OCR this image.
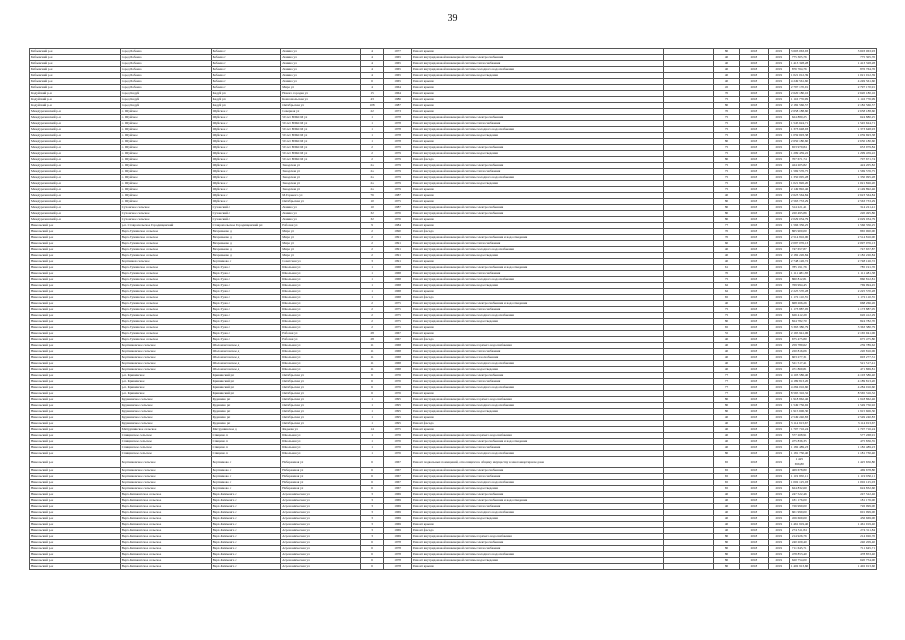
39
Бабаевский р-н	город Бабаево	Бабаево г	Ленина ул	4	1977	Ремонт крыши		80	2018	2019	3 603 063,93	3 603 063,93
Бабаевский р-н	город Бабаево	Бабаево г	Ленина ул	4	1965	Ремонт внутридомовой инженерной системы электроснабжения		40	2018	2019	775 305,76	775 305,76
Бабаевский р-н	город Бабаево	Бабаево г	Ленина ул	4	1965	Ремонт внутридомовой инженерной системы теплоснабжения		40	2018	2019	1 413 328,28	1 413 328,28
Бабаевский р-н	город Бабаево	Бабаево г	Ленина ул	4	1965	Ремонт внутридомовой инженерной системы холодного водоснабжения		40	2018	2019	876 764,76	876 764,76
Бабаевский р-н	город Бабаево	Бабаево г	Ленина ул	4	1965	Ремонт внутридомовой инженерной системы водоотведения		40	2018	2019	1 021 012,39	1 021 012,39
Бабаевский р-н	город Бабаево	Бабаево г	Ленина ул	6	1965	Ремонт крыши		40	2018	2019	4 249 561,60	4 249 561,60
Бабаевский р-н	город Бабаево	Бабаево г	Мира ул	4	1964	Ремонт крыши		45	2018	2019	2 797 170,91	2 797 170,91
Кадуйский р-н	город Кадуй	Кадуй рп	Нового городка ул	15	1964	Ремонт крыши		70	2018	2019	2 620 180,16	2 620 180,16
Кадуйский р-н	город Кадуй	Кадуй рп	Комсомольская ул	43	1986	Ремонт крыши		75	2018	2019	1 116 776,99	1 116 776,99
Кадуйский р-н	город Кадуй	Кадуй рп	Октябрьская ул	108	1987	Ремонт крыши		80	2018	2019	2 182 566,57	2 182 566,57
Междуреченский р-н	с. Шуйское	Шуйское с	Северная ул	22	1973	Ремонт крыши		70	2018	2019	2 658 188,60	2 658 188,60
Междуреченский р-н	с. Шуйское	Шуйское с	50 лет ВЛКСМ ул	1	1978	Ремонт внутридомовой инженерной системы электроснабжения		75	2018	2019	624 880,25	624 880,25
Междуреченский р-н	с. Шуйское	Шуйское с	50 лет ВЛКСМ ул	1	1978	Ремонт внутридомовой инженерной системы теплоснабжения		75	2018	2019	1 545 624,71	1 545 624,71
Междуреченский р-н	с. Шуйское	Шуйское с	50 лет ВЛКСМ ул	1	1978	Ремонт внутридомовой инженерной системы холодного водоснабжения		75	2018	2019	1 373 648,93	1 373 648,93
Междуреченский р-н	с. Шуйское	Шуйское с	50 лет ВЛКСМ ул	1	1978	Ремонт внутридомовой инженерной системы водоотведения		75	2018	2019	1 059 693,38	1 059 693,38
Междуреченский р-н	с. Шуйское	Шуйское с	50 лет ВЛКСМ ул	1	1978	Ремонт крыши		80	2018	2019	2 650 180,60	2 650 180,60
Междуреченский р-н	с. Шуйское	Шуйское с	50 лет ВЛКСМ ул	2	1979	Ремонт внутридомовой инженерной системы электроснабжения		75	2018	2019	653 979,84	653 979,84
Междуреченский р-н	с. Шуйское	Шуйское с	50 лет ВЛКСМ ул	2	1979	Ремонт внутридомовой инженерной системы водоотведения		75	2018	2019	1 299 459,22	1 299 459,22
Междуреченский р-н	с. Шуйское	Шуйское с	50 лет ВЛКСМ ул	2	1979	Ремонт фасада		80	2018	2019	707 671,74	707 671,74
Междуреченский р-н	с. Шуйское	Шуйское с	Заводская ул	2а	1979	Ремонт внутридомовой инженерной системы электроснабжения		75	2018	2019	424 205,82	424 205,82
Междуреченский р-н	с. Шуйское	Шуйское с	Заводская ул	2а	1979	Ремонт внутридомовой инженерной системы теплоснабжения		75	2018	2019	1 569 576,75	1 569 576,75
Междуреченский р-н	с. Шуйское	Шуйское с	Заводская ул	2а	1979	Ремонт внутридомовой инженерной системы холодного водоснабжения		75	2018	2019	1 350 095,28	1 350 095,28
Междуреченский р-н	с. Шуйское	Шуйское с	Заводская ул	2а	1979	Ремонт внутридомовой инженерной системы водоотведения		75	2018	2019	1 021 826,20	1 021 826,20
Междуреченский р-н	с. Шуйское	Шуйское с	Заводская ул	2а	1979	Ремонт крыши		75	2018	2019	2 149 892,46	2 149 892,46
Междуреченский р-н	с. Шуйское	Шуйское с	М.Горького ул	76	1987	Ремонт крыши		40	2018	2019	2 623 564,84	2 623 564,84
Междуреченский р-н	с. Шуйское	Шуйское с	Октябрьская ул	10	1975	Ремонт крыши		80	2018	2019	2 563 733,29	2 563 733,29
Междуреченский р-н	Сухонское сельское	Сухонский с	Ленина ул	10	1987	Ремонт внутридомовой инженерной системы электроснабжения		80	2018	2019	314 221,41	314 221,41
Междуреченский р-н	Сухонское сельское	Сухонский с	Ленина ул	32	1976	Ремонт внутридомовой инженерной системы электроснабжения		80	2018	2019	220 495,86	220 495,86
Междуреченский р-н	Сухонское сельское	Сухонский с	Ленина ул	32	1976	Ремонт крыши		80	2018	2019	2 029 034,79	2 029 034,79
Никольский р-н	р.п. Ставропольское Городищенский	Ставропольское Городищенский рп	Рабочая ул	9	1984	Ремонт крыши		77	2018	2019	1 566 356,25	1 566 356,25
Никольский р-н	Верх-Тужинское сельское	Вахрамеево д	Мира ул	2	1990	Ремонт фасада		70	2018	2019	865 900,00	865 900,00
Никольский р-н	Верх-Тужинское сельское	Вахрамеево д	Мира ул	2	1991	Ремонт внутридомовой инженерной системы электроснабжения и водоотведения		70	2018	2019	2 514 816,00	2 514 816,00
Никольский р-н	Верх-Тужинское сельское	Вахрамеево д	Мира ул	2	1991	Ремонт внутридомовой инженерной системы теплоснабжения		60	2018	2019	2 097 076,13	2 097 076,13
Никольский р-н	Верх-Тужинское сельское	Вахрамеево д	Мира ул	2	1991	Ремонт внутридомовой инженерной системы холодного водоснабжения		40	2018	2019	747 657,87	747 657,87
Никольский р-н	Верх-Тужинское сельское	Вахрамеево д	Мира ул	2	1991	Ремонт внутридомовой инженерной системы водоотведения		40	2018	2019	2 182 226,84	2 182 226,84
Никольский р-н	Бортников сельское	Бортниково с	Советская ул	3	1991	Ремонт крыши		40	2018	2019	2 748 126,72	2 748 126,72
Никольский р-н	Верх-Тужинское сельское	Верх-Тужа с	Школьная ул	1	1968	Ремонт внутридомовой инженерной системы электроснабжения и водоотведения		61	2018	2019	785 191,76	785 191,76
Никольский р-н	Верх-Тужинское сельское	Верх-Тужа с	Школьная ул	1	1968	Ремонт внутридомовой инженерной системы теплоснабжения		70	2018	2019	1 111 481,38	1 111 481,38
Никольский р-н	Верх-Тужинское сельское	Верх-Тужа с	Школьная ул	1	1968	Ремонт внутридомовой инженерной системы холодного водоснабжения		75	2018	2019	860 812,81	860 812,81
Никольский р-н	Верх-Тужинское сельское	Верх-Тужа с	Школьная ул	1	1968	Ремонт внутридомовой инженерной системы водоотведения		62	2018	2019	769 994,45	769 994,45
Никольский р-н	Верх-Тужинское сельское	Верх-Тужа с	Школьная ул	1	1968	Ремонт крыши		62	2018	2019	2 225 570,28	2 225 570,28
Никольский р-н	Верх-Тужинское сельское	Верх-Тужа с	Школьная ул	1	1968	Ремонт фасада		65	2018	2019	1 172 110,55	1 172 110,55
Никольский р-н	Верх-Тужинское сельское	Верх-Тужа с	Школьная ул	2	1975	Ремонт внутридомовой инженерной системы электроснабжения и водоотведения		40	2018	2019	668 266,26	668 266,26
Никольский р-н	Верх-Тужинское сельское	Верх-Тужа с	Школьная ул	2	1975	Ремонт внутридомовой инженерной системы теплоснабжения		75	2018	2019	1 173 887,05	1 173 887,05
Никольский р-н	Верх-Тужинское сельское	Верх-Тужа с	Школьная ул	2	1975	Ремонт внутридомовой инженерной системы холодного водоснабжения		75	2018	2019	626 412,29	626 412,29
Никольский р-н	Верх-Тужинское сельское	Верх-Тужа с	Школьная ул	2	1975	Ремонт внутридомовой инженерной системы водоотведения		80	2018	2019	824 782,70	824 782,70
Никольский р-н	Верх-Тужинское сельское	Верх-Тужа с	Школьная ул	2	1975	Ремонт крыши		65	2018	2019	3 363 380,79	3 363 380,79
Никольский р-н	Верх-Тужинское сельское	Верх-Тужа с	Рабочая ул	28	1967	Ремонт крыши		55	2018	2019	2 165 941,06	2 165 941,06
Никольский р-н	Верх-Тужинское сельское	Верх-Тужа с	Рабочая ул	28	1967	Ремонт фасада		40	2018	2019	675 475,80	675 475,80
Никольский р-н	Бортниковское сельское	Шоломонтовское д	Школьная ул	11	1968	Ремонт внутридомовой инженерной системы горячего водоснабжения		40	2018	2019	259 789,62	259 789,62
Никольский р-н	Бортниковское сельское	Шоломонтовское д	Школьная ул	11	1968	Ремонт внутридомовой инженерной системы теплоснабжения		40	2018	2019	220 816,06	220 816,06
Никольский р-н	Бортниковское сельское	Шоломонтовское д	Школьная ул	11	1968	Ремонт внутридомовой инженерной системы газоснабжения		40	2018	2019	603 277,31	603 277,31
Никольский р-н	Бортниковское сельское	Шоломонтовское д	Школьная ул	11	1968	Ремонт внутридомовой инженерной системы холодного водоснабжения		40	2018	2019	521 517,41	521 517,41
Никольский р-н	Бортниковское сельское	Шоломонтовское д	Школьная ул	11	1968	Ремонт внутридомовой инженерной системы водоотведения		40	2018	2019	471 869,81	471 869,81
Никольский р-н	р.п. Кривинское	Кривинский рп	Октябрьская ул	6	1976	Ремонт внутридомовой инженерной системы электроснабжения		77	2018	2019	4 103 586,40	4 103 586,40
Никольский р-н	р.п. Кривинское	Кривинский рп	Октябрьская ул	6	1976	Ремонт внутридомовой инженерной системы теплоснабжения		77	2018	2019	4 189 813,20	4 189 813,20
Никольский р-н	р.п. Кривинское	Кривинский рп	Октябрьская ул	6	1976	Ремонт внутридомовой инженерной системы холодного водоснабжения		77	2018	2019	4 284 016,60	4 284 016,60
Никольский р-н	р.п. Кривинское	Кривинский рп	Октябрьская ул	6	1976	Ремонт крыши		77	2018	2019	8 565 316,32	8 565 316,32
Никольский р-н	Куданинское сельское	Куданино рп	Октябрьская ул	1	1995	Ремонт внутридомовой инженерной системы горячего водоснабжения		80	2018	2019	1 918 862,46	1 918 862,46
Никольский р-н	Куданинское сельское	Куданино рп	Октябрьская ул	1	1995	Ремонт внутридомовой инженерной системы холодного водоснабжения		80	2018	2019	1 549 756,92	1 549 756,92
Никольский р-н	Куданинское сельское	Куданино рп	Октябрьская ул	1	1995	Ремонт внутридомовой инженерной системы водоотведения		80	2018	2019	1 915 606,30	1 915 606,30
Никольский р-н	Куданинское сельское	Куданино рп	Октябрьская ул	1	1995	Ремонт крыши		40	2018	2019	2 549 240,83	2 549 240,83
Никольский р-н	Куданинское сельское	Куданино рп	Октябрьская ул	1	1995	Ремонт фасада		40	2018	2019	3 114 913,67	3 114 913,67
Никольский р-н	Митрушинское сельское	Митрушинское д	Фадеева ул	14	1975	Ремонт крыши		40	2018	2019	1 707 716,24	1 707 716,24
Никольский р-н	Спицинское сельское	Спицино п	Школьная ул	1	1976	Ремонт внутридомовой инженерной системы горячего водоснабжения		40	2018	2019	577 268,91	577 268,91
Никольский р-н	Спицинское сельское	Спицино п	Школьная ул	1	1976	Ремонт внутридомовой инженерной системы электроснабжения и водоотведения		40	2018	2019	475 836,35	475 836,35
Никольский р-н	Спицинское сельское	Спицино п	Школьная ул	1	1976	Ремонт внутридомовой инженерной системы теплоснабжения		40	2018	2019	1 182 489,23	1 182 489,23
Никольский р-н	Спицинское сельское	Спицино п	Школьная ул	1	1976	Ремонт внутридомовой инженерной системы холодного водоснабжения		80	2018	2019	1 181 730,40	1 181 730,40
Никольский р-н	Бортниковское сельское	Бортниково с	Набережная ул	6	1967	Ремонт подвальных помещений, относящихся к общему имуществу в многоквартирном доме		65	2018	2019	1 425 656,80	1 425 656,80
Никольский р-н	Бортниковское сельское	Бортниково с	Набережная ул	6	1967	Ремонт внутридомовой инженерной системы электроснабжения		65	2018	2019	469 678,80	469 678,80
Никольский р-н	Бортниковское сельское	Бортниково с	Набережная ул	6	1967	Ремонт внутридомовой инженерной системы теплоснабжения		65	2018	2019	1 119 950,11	1 119 950,11
Никольский р-н	Бортниковское сельское	Бортниково с	Набережная ул	6	1967	Ремонт внутридомовой инженерной системы холодного водоснабжения		65	2018	2019	1 002 125,03	1 002 125,03
Никольский р-н	Бортниковское сельское	Бортниково с	Набережная ул	6	1967	Ремонт внутридомовой инженерной системы водоотведения		65	2018	2019	624 832,60	624 832,60
Никольский р-н	Верх-Кичменгское сельское	Верх-Кичменга с	Агрономическая ул	3	1969	Ремонт внутридомовой инженерной системы электроснабжения		40	2018	2019	247 522,46	247 522,46
Никольский р-н	Верх-Кичменгское сельское	Верх-Кичменга с	Агрономическая ул	3	1969	Ремонт внутридомовой инженерной системы электроснабжения и водоотведения		40	2018	2019	181 176,00	181 176,00
Никольский р-н	Верх-Кичменгское сельское	Верх-Кичменга с	Агрономическая ул	3	1969	Ремонт внутридомовой инженерной системы теплоснабжения		40	2018	2019	726 999,00	726 999,00
Никольский р-н	Верх-Кичменгское сельское	Верх-Кичменга с	Агрономическая ул	3	1969	Ремонт внутридомовой инженерной системы холодного водоснабжения		40	2018	2019	601 999,00	601 999,00
Никольский р-н	Верх-Кичменгское сельское	Верх-Кичменга с	Агрономическая ул	3	1969	Ремонт внутридомовой инженерной системы водоотведения		40	2018	2019	456 669,00	456 669,00
Никольский р-н	Верх-Кичменгское сельское	Верх-Кичменга с	Агрономическая ул	3	1969	Ремонт крыши		40	2018	2019	1 461 919,40	1 461 919,40
Никольский р-н	Верх-Кичменгское сельское	Верх-Кичменга с	Агрономическая ул	3	1969	Ремонт фасада		40	2018	2019	274 311,84	274 311,84
Никольский р-н	Верх-Кичменгское сельское	Верх-Кичменга с	Агрономическая ул	3	1969	Ремонт внутридомовой инженерной системы горячего водоснабжения		80	2018	2019	214 926,76	214 926,76
Никольский р-н	Верх-Кичменгское сельское	Верх-Кичменга с	Агрономическая ул	6	1978	Ремонт внутридомовой инженерной системы электроснабжения		80	2018	2019	240 209,40	240 209,40
Никольский р-н	Верх-Кичменгское сельское	Верх-Кичменга с	Агрономическая ул	6	1978	Ремонт внутридомовой инженерной системы теплоснабжения		80	2018	2019	711 645,71	711 645,71
Никольский р-н	Верх-Кичменгское сельское	Верх-Кичменга с	Агрономическая ул	6	1978	Ремонт внутридомовой инженерной системы холодного водоснабжения		80	2018	2019	478 853,40	478 853,40
Никольский р-н	Верх-Кичменгское сельское	Верх-Кичменга с	Агрономическая ул	6	1978	Ремонт внутридомовой инженерной системы водоотведения		80	2018	2019	620 754,00	620 754,00
Никольский р-н	Верх-Кичменгское сельское	Верх-Кичменга с	Агрономическая ул	6	1978	Ремонт крыши		80	2018	2019	1 402 913,60	1 402 913,60
